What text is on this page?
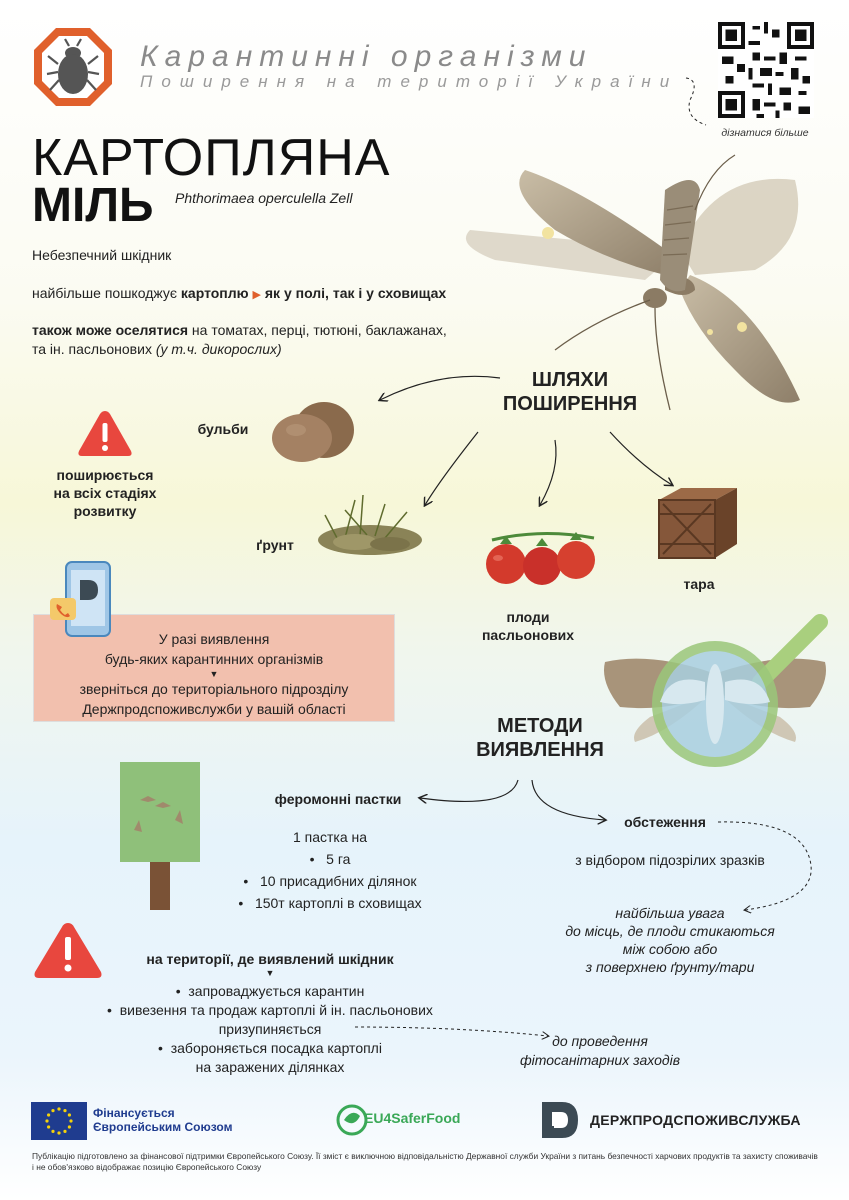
Карантинні організми
Поширення на території України
дізнатися більше
КАРТОПЛЯНА
МІЛЬ Phthorimaea operculella Zell
Небезпечний шкідник
найбільше пошкоджує картоплю ▶ як у полі, так і у сховищах
також може оселятися на томатах, перці, тютюні, баклажанах, та ін. пасльонових (у т.ч. дикорослих)
ШЛЯХИ
ПОШИРЕННЯ
поширюється
на всіх стадіях
розвитку
бульби
ґрунт
плоди
пасльонових
тара
У разі виявлення
будь-яких карантинних організмів
▼
зверніться до територіального підрозділу
Держпродспоживслужби у вашій області
МЕТОДИ
ВИЯВЛЕННЯ
феромонні пастки
1 пастка на
•   5 га
•   10 присадибних ділянок
•   150т картоплі в сховищах
обстеження
з відбором підозрілих зразків
найбільша увага
до місць, де плоди стикаються
між собою або
з поверхнею ґрунту/тари
на території, де виявлений шкідник
▼
•  запроваджується карантин
•  вивезення та продаж картоплі й ін. пасльонових
призупиняється
•  забороняється посадка картоплі
на заражених ділянках
до проведення
фітосанітарних заходів
Фінансується
Європейським Союзом
EU4SaferFood	ДЕРЖПРОДСПОЖИВСЛУЖБА
Публікацію підготовлено за фінансової підтримки Європейського Союзу. Її зміст є виключною відповідальністю Державної служби України з питань безпечності харчових продуктів та захисту споживачів і не обов'язково відображає позицію Європейського Союзу
